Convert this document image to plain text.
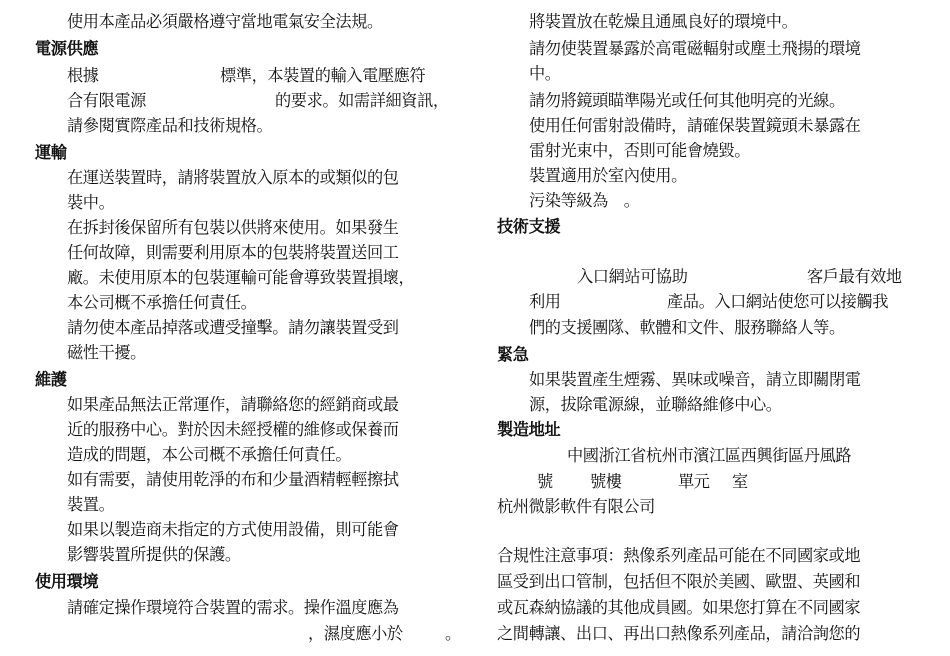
使用本產品必須嚴格遵守當地電氣安全法規。
電源供應
根據	標準，本裝置的輸入電壓應符
合有限電源	的要求。如需詳細資訊，
請參閱實際產品和技術規格。
運輸
在運送裝置時，請將裝置放入原本的或類似的包
裝中。
在拆封後保留所有包裝以供將來使用。如果發生
任何故障，則需要利用原本的包裝將裝置送回工
廠。未使用原本的包裝運輸可能會導致裝置損壞，
本公司概不承擔任何責任。
請勿使本產品掉落或遭受撞擊。請勿讓裝置受到
磁性干擾。
維護
如果產品無法正常運作，請聯絡您的經銷商或最
近的服務中心。對於因未經授權的維修或保養而
造成的問題，本公司概不承擔任何責任。
如有需要，請使用乾淨的布和少量酒精輕輕擦拭
裝置。
如果以製造商未指定的方式使用設備，則可能會
影響裝置所提供的保護。
使用環境
請確定操作環境符合裝置的需求。操作溫度應為
，濕度應小於	。
將裝置放在乾燥且通風良好的環境中。
請勿使裝置暴露於高電磁輻射或塵土飛揚的環境
中。
請勿將鏡頭瞄準陽光或任何其他明亮的光線。
使用任何雷射設備時，請確保裝置鏡頭未暴露在
雷射光束中，否則可能會燒毀。
裝置適用於室內使用。
污染等級為　。
技術支援
入口網站可協助	客戶最有效地
利用	產品。入口網站使您可以接觸我
們的支援團隊、軟體和文件、服務聯絡人等。
緊急
如果裝置產生煙霧、異味或噪音，請立即關閉電
源，拔除電源線，並聯絡維修中心。
製造地址
中國浙江省杭州市濱江區西興街區丹風路
號 號樓	單元 室
杭州微影軟件有限公司
合規性注意事項：熱像系列產品可能在不同國家或地
區受到出口管制，包括但不限於美國、歐盟、英國和
或瓦森納協議的其他成員國。如果您打算在不同國家
之間轉讓、出口、再出口熱像系列產品，請洽詢您的
